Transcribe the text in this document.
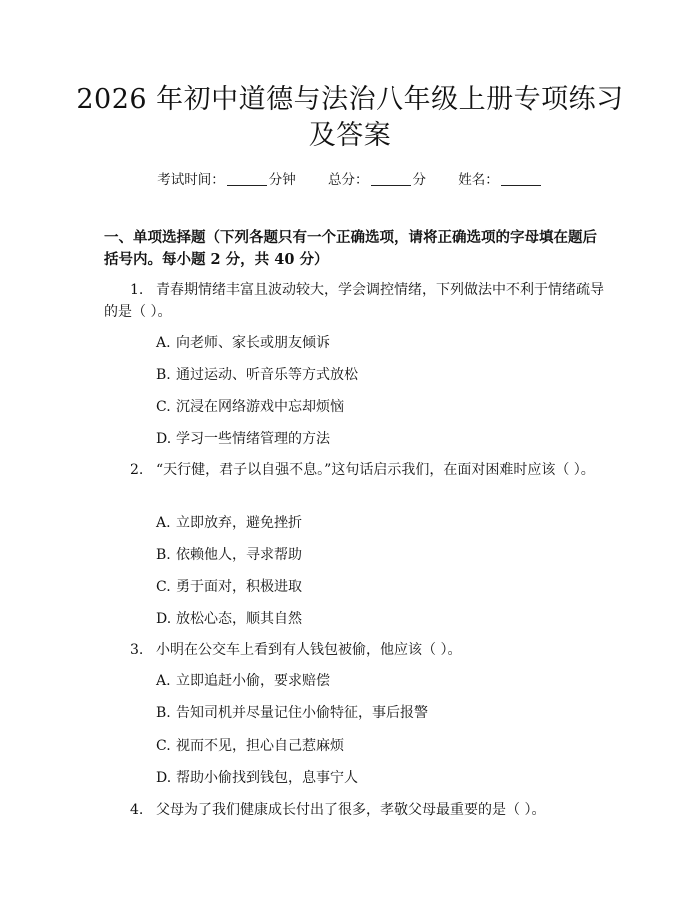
2026 年初中道德与法治八年级上册专项练习及答案
考试时间：	分钟 总分：	分 姓名：
一、单项选择题（下列各题只有一个正确选项，请将正确选项的字母填在题后括号内。每小题 2 分，共 40 分）
1. 青春期情绪丰富且波动较大，学会调控情绪，下列做法中不利于情绪疏导的是（ ）。
A. 向老师、家长或朋友倾诉
B. 通过运动、听音乐等方式放松
C. 沉浸在网络游戏中忘却烦恼
D. 学习一些情绪管理的方法
2. “天行健，君子以自强不息。”这句话启示我们，在面对困难时应该（ ）。
A. 立即放弃，避免挫折
B. 依赖他人，寻求帮助
C. 勇于面对，积极进取
D. 放松心态，顺其自然
3. 小明在公交车上看到有人钱包被偷，他应该（ ）。
A. 立即追赶小偷，要求赔偿
B. 告知司机并尽量记住小偷特征，事后报警
C. 视而不见，担心自己惹麻烦
D. 帮助小偷找到钱包，息事宁人
4. 父母为了我们健康成长付出了很多，孝敬父母最重要的是（ ）。
